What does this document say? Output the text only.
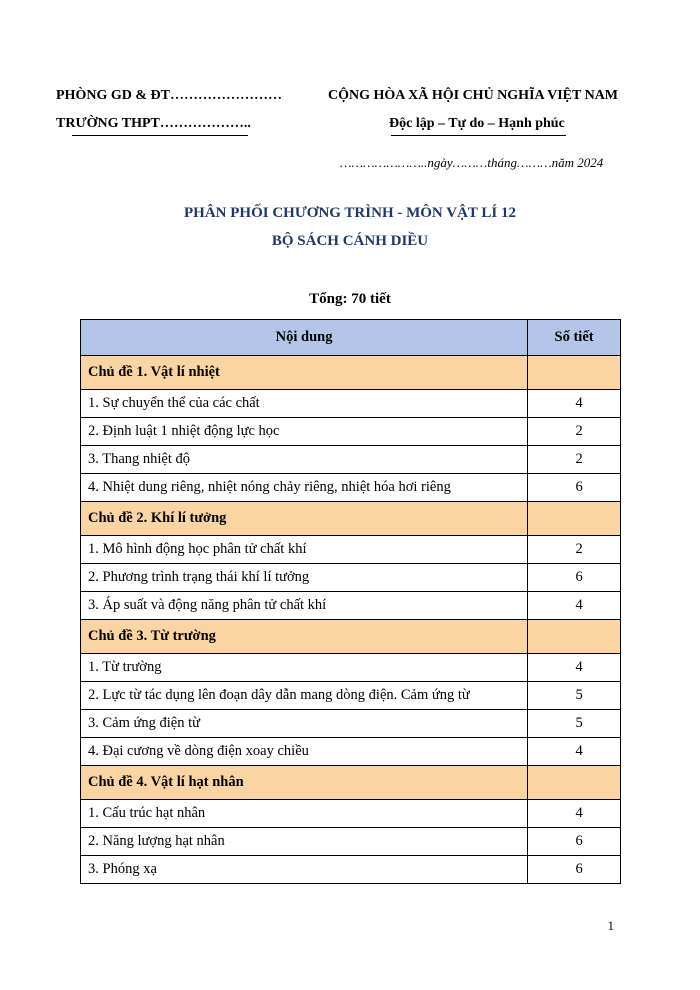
PHÒNG GD & ĐT……………………	CỘNG HÒA XÃ HỘI CHỦ NGHĨA VIỆT NAM
TRƯỜNG THPT………………..	Độc lập – Tự do – Hạnh phúc
…………………..ngày………tháng………năm 2024
PHÂN PHỐI CHƯƠNG TRÌNH - MÔN VẬT LÍ 12
BỘ SÁCH CÁNH DIỀU
Tổng: 70 tiết
Nội dung	Số tiết
Chủ đề 1. Vật lí nhiệt	
1. Sự chuyển thể của các chất	4
2. Định luật 1 nhiệt động lực học	2
3. Thang nhiệt độ	2
4. Nhiệt dung riêng, nhiệt nóng chảy riêng, nhiệt hóa hơi riêng	6
Chủ đề 2. Khí lí tưởng	
1. Mô hình động học phân tử chất khí	2
2. Phương trình trạng thái khí lí tưởng	6
3. Áp suất và động năng phân tử chất khí	4
Chủ đề 3. Từ trường	
1. Từ trường	4
2. Lực từ tác dụng lên đoạn dây dẫn mang dòng điện. Cảm ứng từ	5
3. Cảm ứng điện từ	5
4. Đại cương về dòng điện xoay chiều	4
Chủ đề 4. Vật lí hạt nhân	
1. Cấu trúc hạt nhân	4
2. Năng lượng hạt nhân	6
3. Phóng xạ	6
1
